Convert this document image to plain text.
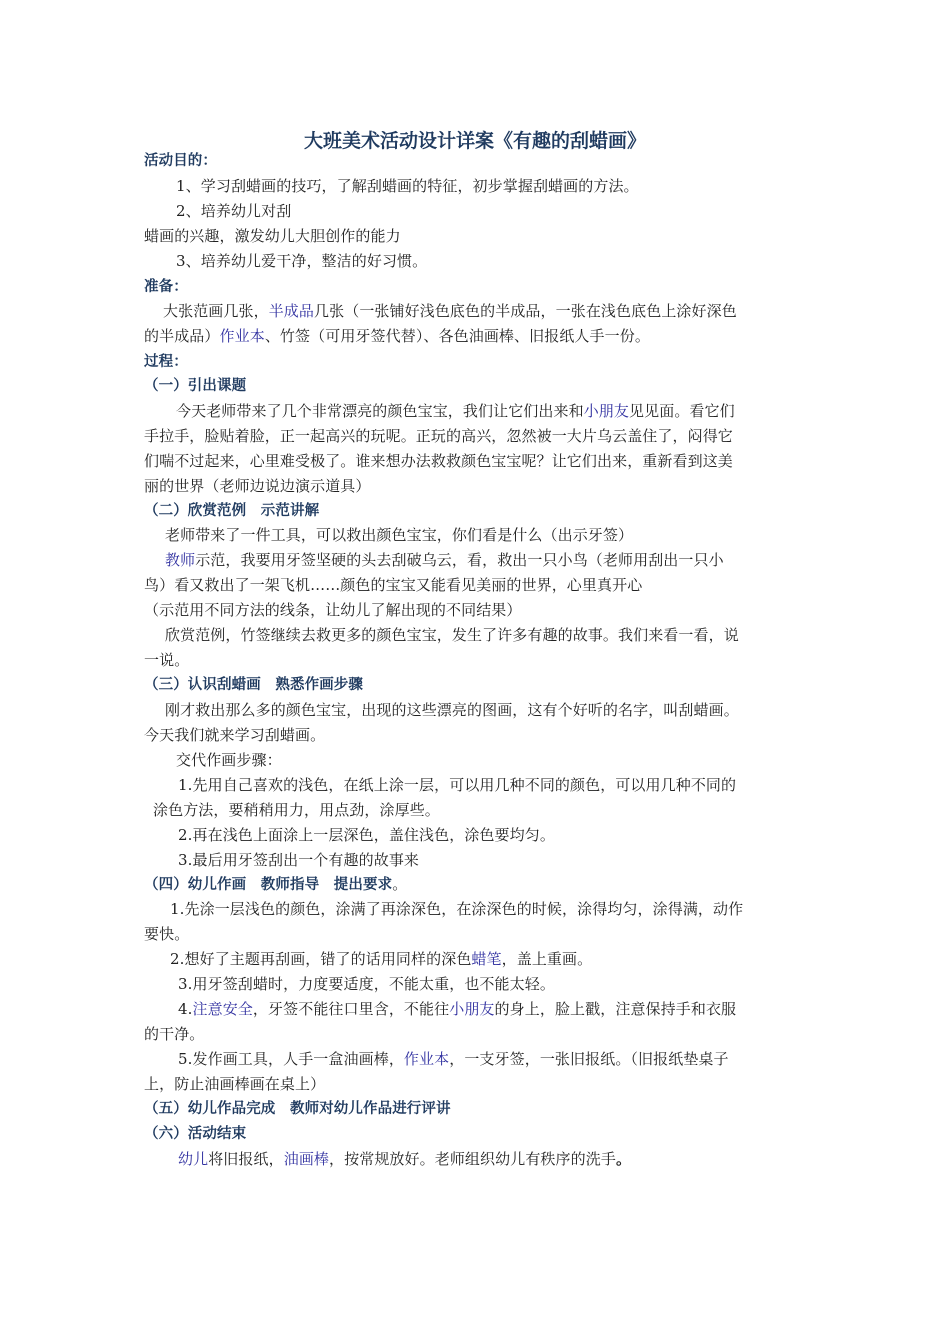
大班美术活动设计详案《有趣的刮蜡画》
活动目的：
1、学习刮蜡画的技巧，了解刮蜡画的特征，初步掌握刮蜡画的方法。
2、培养幼儿对刮
蜡画的兴趣，激发幼儿大胆创作的能力
3、培养幼儿爱干净，整洁的好习惯。
准备：
大张范画几张，半成品几张（一张铺好浅色底色的半成品，一张在浅色底色上涂好深色
的半成品）作业本、竹签（可用牙签代替）、各色油画棒、旧报纸人手一份。
过程：
（一）引出课题
今天老师带来了几个非常漂亮的颜色宝宝，我们让它们出来和小朋友见见面。看它们
手拉手，脸贴着脸，正一起高兴的玩呢。正玩的高兴，忽然被一大片乌云盖住了，闷得它
们喘不过起来，心里难受极了。谁来想办法救救颜色宝宝呢？让它们出来，重新看到这美
丽的世界（老师边说边演示道具）
（二）欣赏范例　示范讲解
老师带来了一件工具，可以救出颜色宝宝，你们看是什么（出示牙签）
教师示范，我要用牙签坚硬的头去刮破乌云，看，救出一只小鸟（老师用刮出一只小
鸟）看又救出了一架飞机……颜色的宝宝又能看见美丽的世界，心里真开心
（示范用不同方法的线条，让幼儿了解出现的不同结果）
欣赏范例，竹签继续去救更多的颜色宝宝，发生了许多有趣的故事。我们来看一看，说
一说。
（三）认识刮蜡画　熟悉作画步骤
刚才救出那么多的颜色宝宝，出现的这些漂亮的图画，这有个好听的名字，叫刮蜡画。
今天我们就来学习刮蜡画。
交代作画步骤：
1.先用自己喜欢的浅色，在纸上涂一层，可以用几种不同的颜色，可以用几种不同的
涂色方法，要稍稍用力，用点劲，涂厚些。
2.再在浅色上面涂上一层深色，盖住浅色，涂色要均匀。
3.最后用牙签刮出一个有趣的故事来
（四）幼儿作画　教师指导　提出要求。
1.先涂一层浅色的颜色，涂满了再涂深色，在涂深色的时候，涂得均匀，涂得满，动作
要快。
2.想好了主题再刮画，错了的话用同样的深色蜡笔，盖上重画。
3.用牙签刮蜡时，力度要适度，不能太重，也不能太轻。
4.注意安全，牙签不能往口里含，不能往小朋友的身上，脸上戳，注意保持手和衣服
的干净。
5.发作画工具，人手一盒油画棒，作业本，一支牙签，一张旧报纸。（旧报纸垫桌子
上，防止油画棒画在桌上）
（五）幼儿作品完成　教师对幼儿作品进行评讲
（六）活动结束
幼儿将旧报纸，油画棒，按常规放好。老师组织幼儿有秩序的洗手。
